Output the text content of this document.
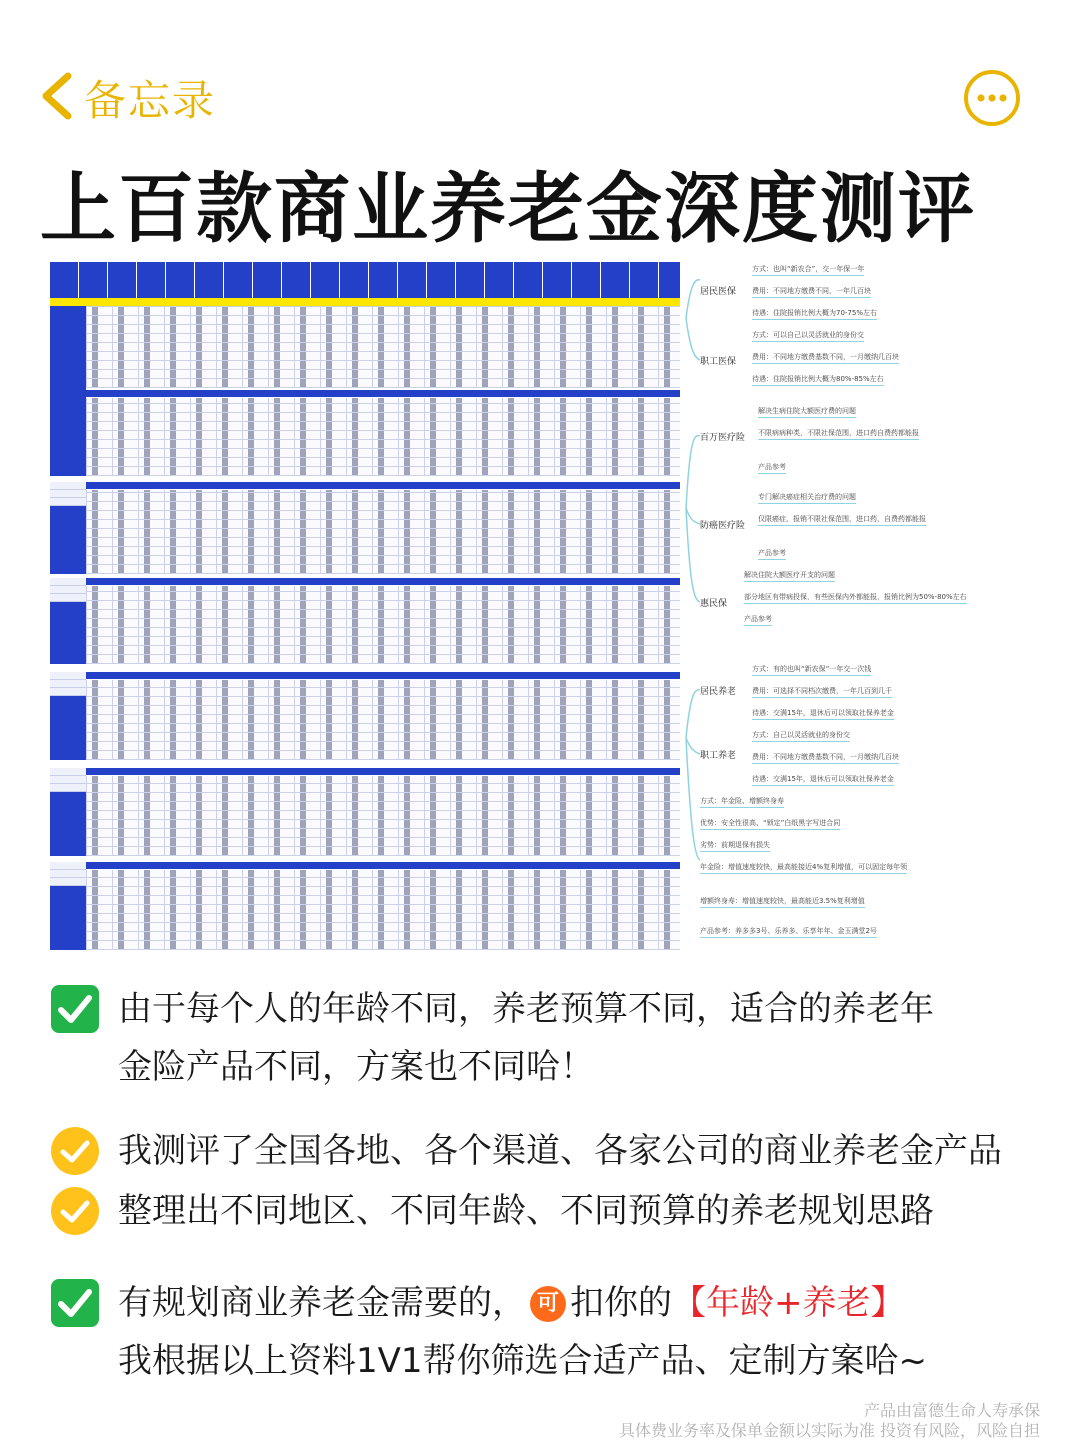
备忘录
上百款商业养老金深度测评
居民医保
方式：也叫“新农合”，交一年保一年
费用：不同地方缴费不同，一年几百块
待遇：住院报销比例大概为70-75%左右
职工医保
方式：可以自己以灵活就业的身份交
费用：不同地方缴费基数不同，一月缴纳几百块
待遇：住院报销比例大概为80%-85%左右
百万医疗险
解决生病住院大额医疗费的问题
不限病病种类，不限社保范围，进口药自费药都能报
产品参考
防癌医疗险
专门解决癌症相关治疗费的问题
仅限癌症，报销不限社保范围，进口药，自费药都能报
产品参考
惠民保
解决住院大额医疗开支的问题
部分地区有带病投保，有些医保内外都能报，报销比例为50%-80%左右
产品参考
居民养老
方式：有的也叫“新农保”一年交一次钱
费用：可选择不同档次缴费，一年几百到几千
待遇：交满15年，退休后可以领取社保养老金
职工养老
方式：自己以灵活就业的身份交
费用：不同地方缴费基数不同，一月缴纳几百块
待遇：交满15年，退休后可以领取社保养老金
方式：年金险、增额终身寿
优势：安全性很高、“锁定”白纸黑字写进合同
劣势：前期退保有损失
年金险：增值速度较快，最高能接近4%复利增值，可以固定每年领
增额终身寿：增值速度较快，最高能近3.5%复利增值
产品参考：养多多3号、乐养多、乐享年年、金玉满堂2号
由于每个人的年龄不同，养老预算不同，适合的养老年
金险产品不同，方案也不同哈！
我测评了全国各地、各个渠道、各家公司的商业养老金产品
整理出不同地区、不同年龄、不同预算的养老规划思路
有规划商业养老金需要的， 可 扣你的【年龄+养老】
我根据以上资料1V1帮你筛选合适产品、定制方案哈~
产品由富德生命人寿承保
具体费业务率及保单金额以实际为准 投资有风险，风险自担
